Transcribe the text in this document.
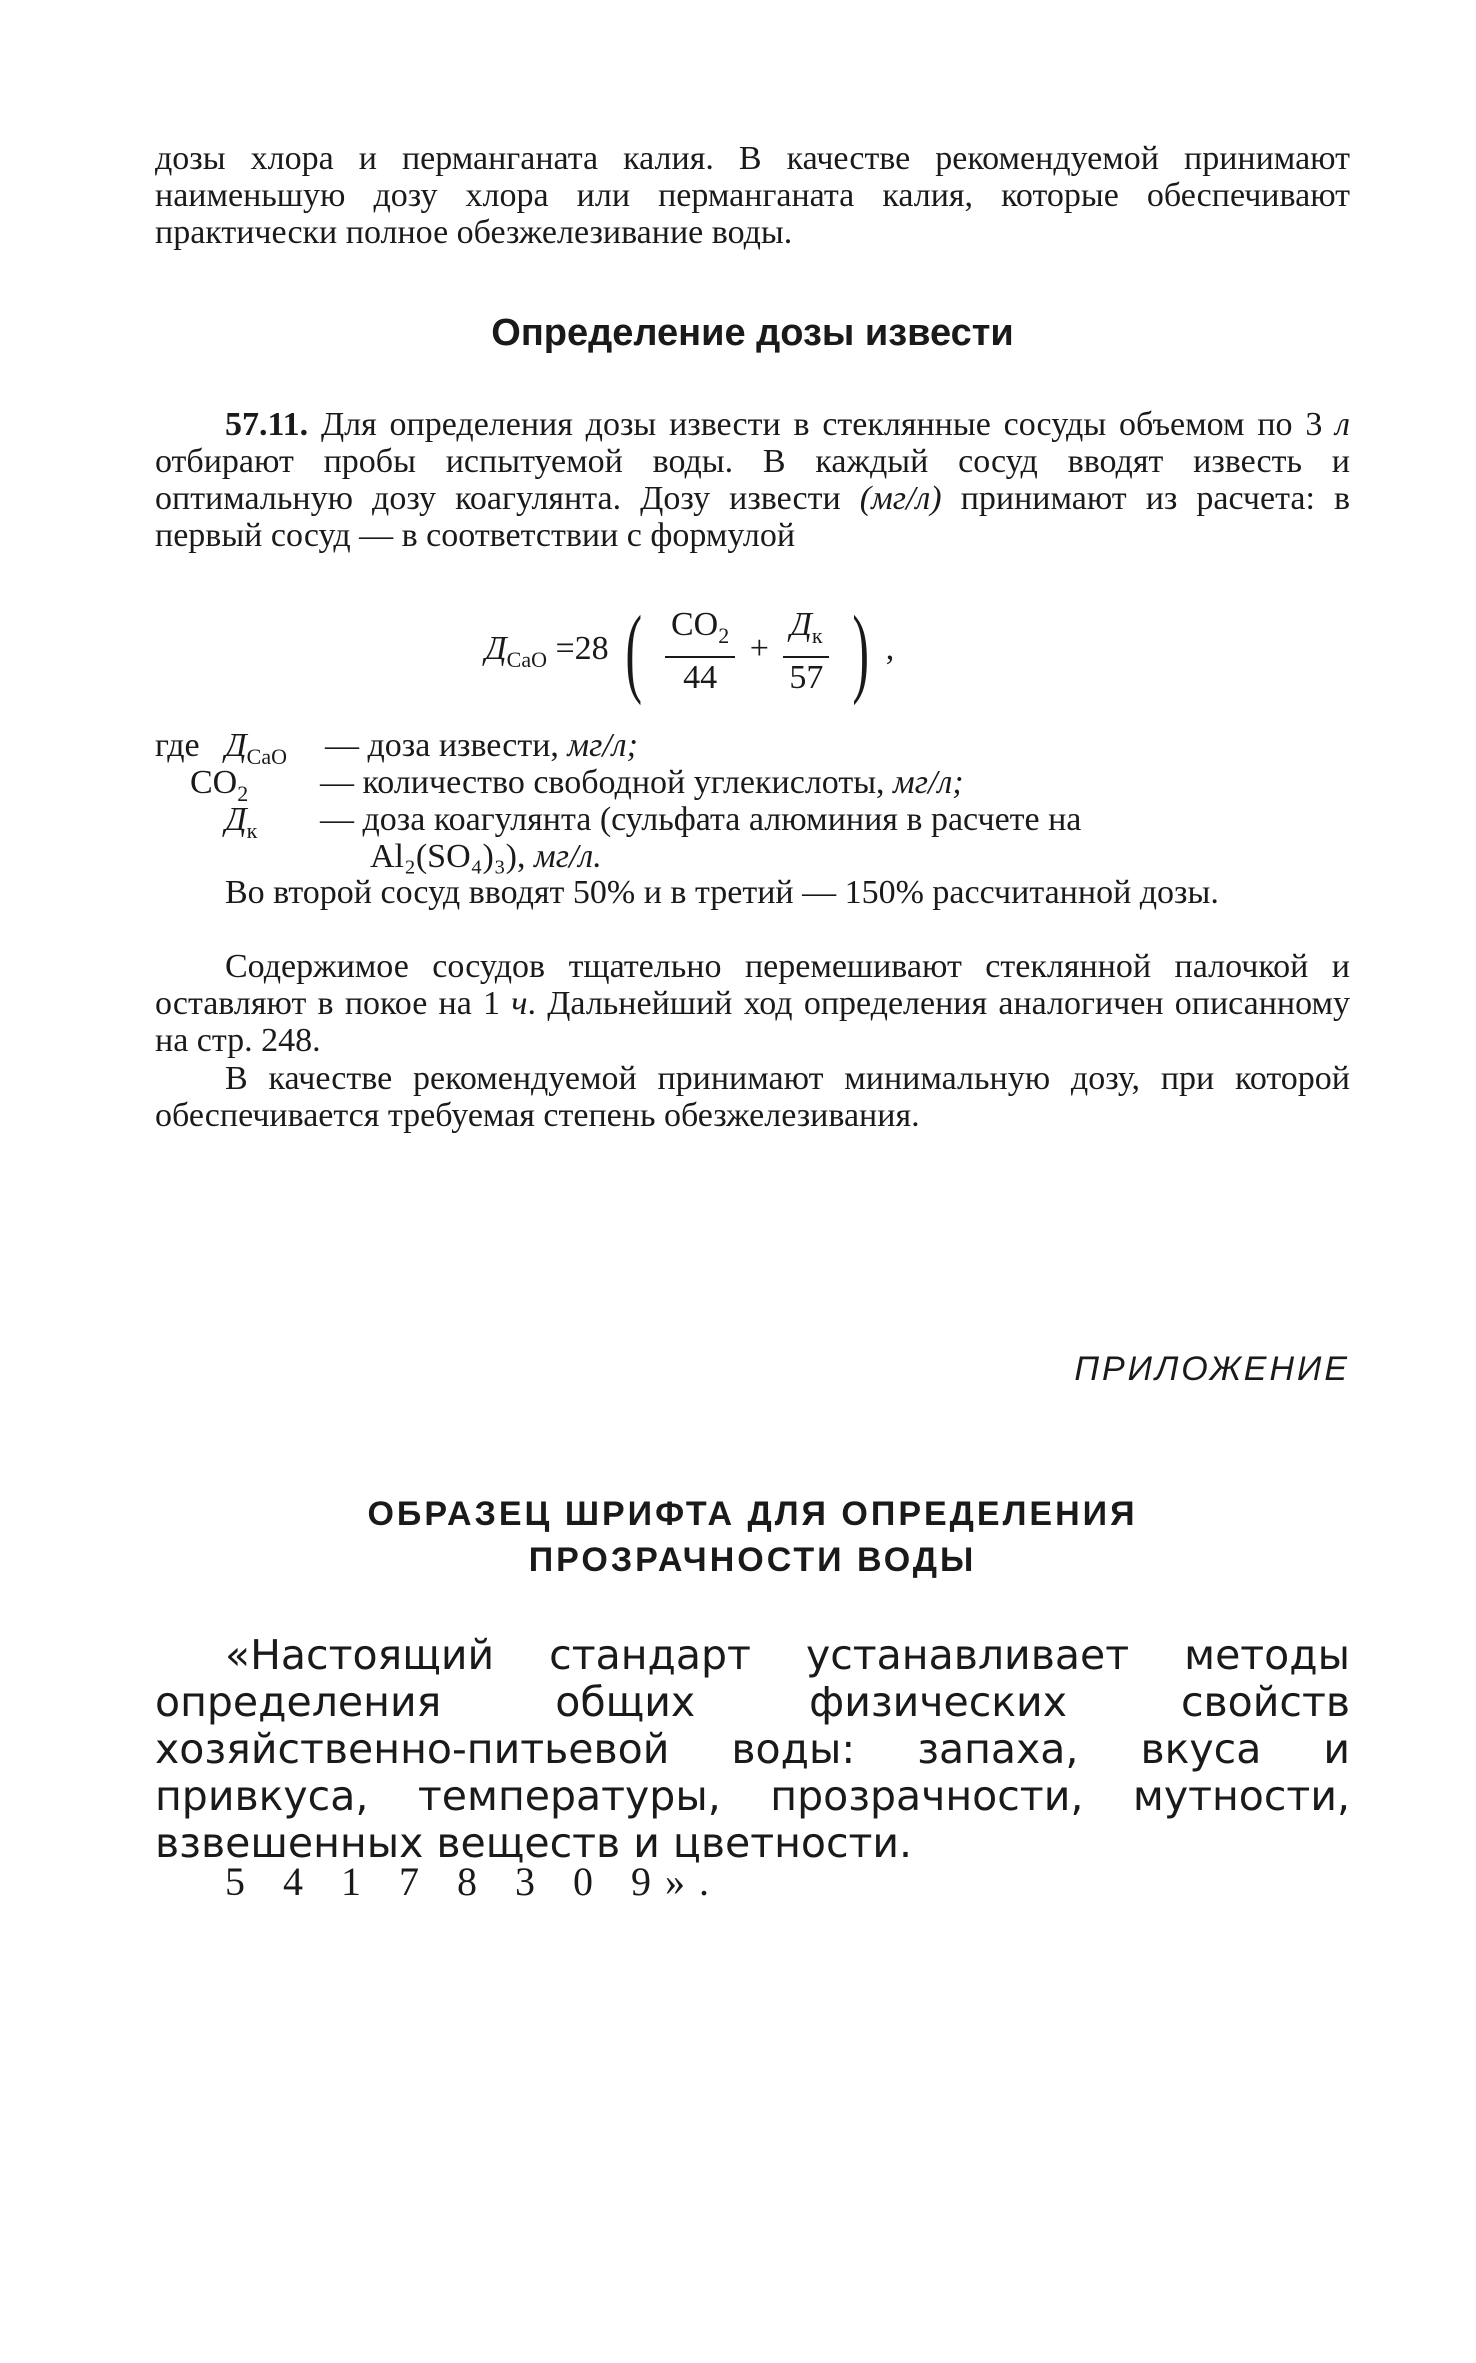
дозы хлора и перманганата калия. В качестве рекомендуемой принимают наименьшую дозу хлора или перманганата калия, которые обеспечивают практически полное обезжелезивание воды.

Определение дозы извести

57.11. Для определения дозы извести в стеклянные сосуды объемом по 3 л отбирают пробы испытуемой воды. В каждый сосуд вводят известь и оптимальную дозу коагулянта. Дозу извести (мг/л) принимают из расчета: в первый сосуд — в соответствии с формулой

$Д_{CaO} =28$ ( $\frac{CO_2}{44} + \frac{Д_к}{57}$ ) ,
где $Д_{CaO}$ — доза извести, мг/л;
$CO_2$ — количество свободной углекислоты, мг/л;
$Д_к$ — доза коагулянта (сульфата алюминия в расчете на
Al₂(SO₄)₃), мг/л.

Во второй сосуд вводят 50% и в третий — 150% рассчитанной дозы.

Содержимое сосудов тщательно перемешивают стеклянной палочкой и оставляют в покое на 1 ч. Дальнейший ход определения аналогичен описанному на стр. 248.

В качестве рекомендуемой принимают минимальную дозу, при которой обеспечивается требуемая степень обезжелезивания.

ПРИЛОЖЕНИЕ
ОБРАЗЕЦ ШРИФТА ДЛЯ ОПРЕДЕЛЕНИЯ
ПРОЗРАЧНОСТИ ВОДЫ

«Настоящий стандарт устанавливает методы определения общих физических свойств хозяйственно-питьевой воды: запаха, вкуса и привкуса, температуры, прозрачности, мутности, взвешенных веществ и цветности.

5 4 1 7 8 3 0 9».
